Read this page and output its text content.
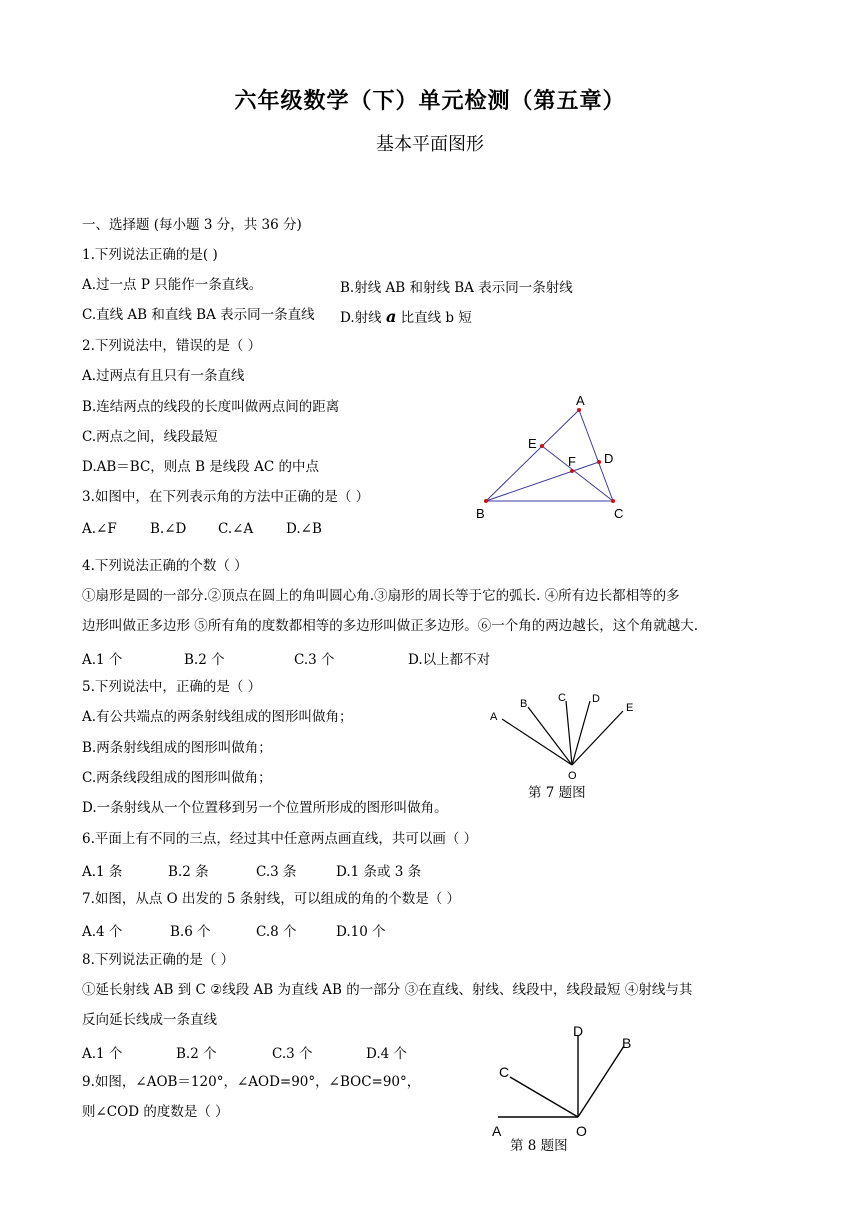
六年级数学（下）单元检测（第五章）
基本平面图形
一、选择题 (每小题 3 分，共 36 分)
1.下列说法正确的是( )
A.过一点 P 只能作一条直线。	B.射线 AB 和射线 BA 表示同一条射线
C.直线 AB 和直线 BA 表示同一条直线 D.射线 a 比直线 b 短
2.下列说法中，错误的是（ ）
A.过两点有且只有一条直线
B.连结两点的线段的长度叫做两点间的距离
C.两点之间，线段最短
D.AB＝BC，则点 B 是线段 AC 的中点
A
E
F D
B	C
3.如图中，在下列表示角的方法中正确的是（ ）
A.∠F B.∠D C.∠A D.∠B
4.下列说法正确的个数（ ）
①扇形是圆的一部分.②顶点在圆上的角叫圆心角.③扇形的周长等于它的弧长. ④所有边长都相等的多
边形叫做正多边形 ⑤所有角的度数都相等的多边形叫做正多边形。⑥一个角的两边越长，这个角就越大.
A.1 个	B.2 个	C.3 个	D.以上都不对
5.下列说法中，正确的是（ ）
A.有公共端点的两条射线组成的图形叫做角；
B.两条射线组成的图形叫做角；
C.两条线段组成的图形叫做角；
D.一条射线从一个位置移到另一个位置所形成的图形叫做角。
A
B	C D
E
O
第 7 题图
6.平面上有不同的三点，经过其中任意两点画直线，共可以画（ ）
A.1 条	B.2 条	C.3 条	D.1 条或 3 条
7.如图，从点 O 出发的 5 条射线，可以组成的角的个数是（ ）
A.4 个	B.6 个	C.8 个	D.10 个
8.下列说法正确的是（ ）
①延长射线 AB 到 C ②线段 AB 为直线 AB 的一部分 ③在直线、射线、线段中，线段最短 ④射线与其
反向延长线成一条直线
A.1 个	B.2 个	C.3 个	D.4 个
9.如图，∠AOB＝120°，∠AOD=90°，∠BOC=90°，
则∠COD 的度数是（ ）
D
B
C
A	O
第 8 题图
